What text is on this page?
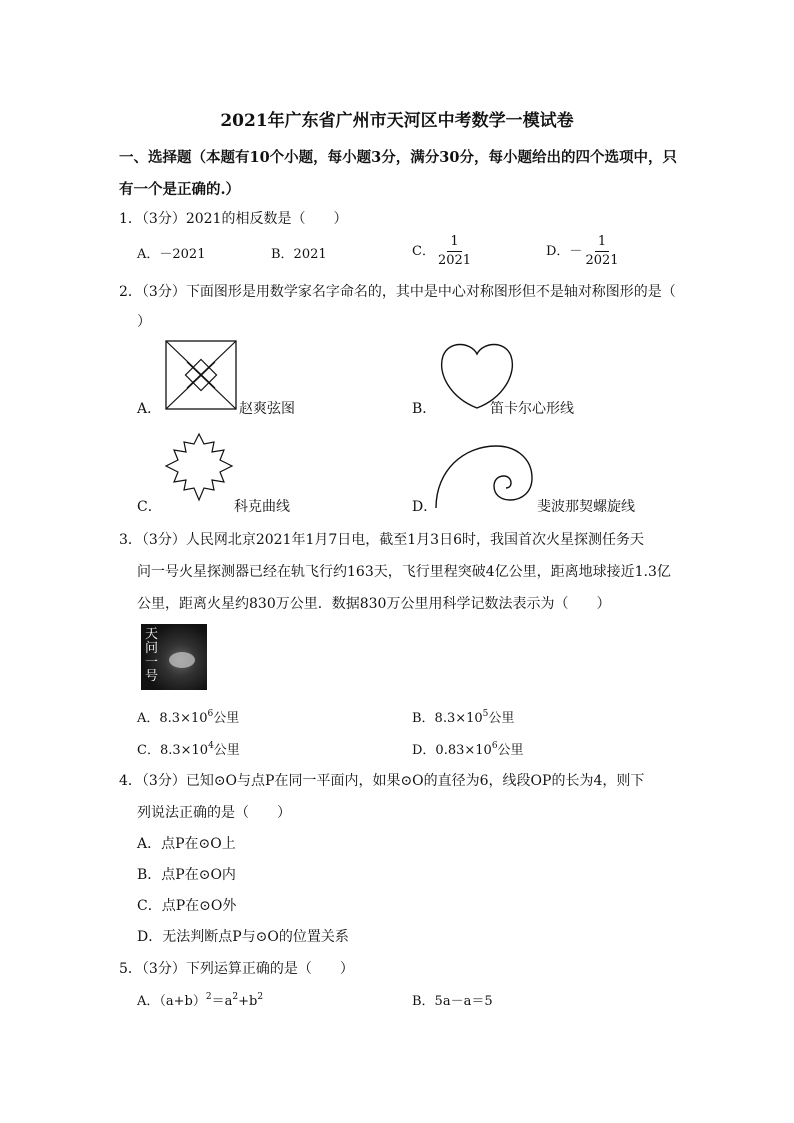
2021年广东省广州市天河区中考数学一模试卷
一、选择题（本题有10个小题，每小题3分，满分30分，每小题给出的四个选项中，只
有一个是正确的.）
1．（3分）2021的相反数是（　　）
A．－2021	B．2021	C． $\frac{1}{2021}$	D．－ $\frac{1}{2021}$
2．（3分）下面图形是用数学家名字命名的，其中是中心对称图形但不是轴对称图形的是（
）
A．	赵爽弦图	B．	笛卡尔心形线
C．	科克曲线	D．	斐波那契螺旋线
3．（3分）人民网北京2021年1月7日电，截至1月3日6时，我国首次火星探测任务天
问一号火星探测器已经在轨飞行约163天，飞行里程突破4亿公里，距离地球接近1.3亿
公里，距离火星约830万公里．数据830万公里用科学记数法表示为（　　）
天问一号
A．$8.3\times 10^6$公里	B．$8.3\times 10^5$公里
C．$8.3\times 10^4$公里	D．$0.83\times 10^6$公里
4．（3分）已知⊙O与点P在同一平面内，如果⊙O的直径为6，线段OP的长为4，则下
列说法正确的是（　　）
A．点P在⊙O上
B．点P在⊙O内
C．点P在⊙O外
D．无法判断点P与⊙O的位置关系
5．（3分）下列运算正确的是（　　）
A．$(a+b)^2=a^2+b^2$	B．5a－a＝5
